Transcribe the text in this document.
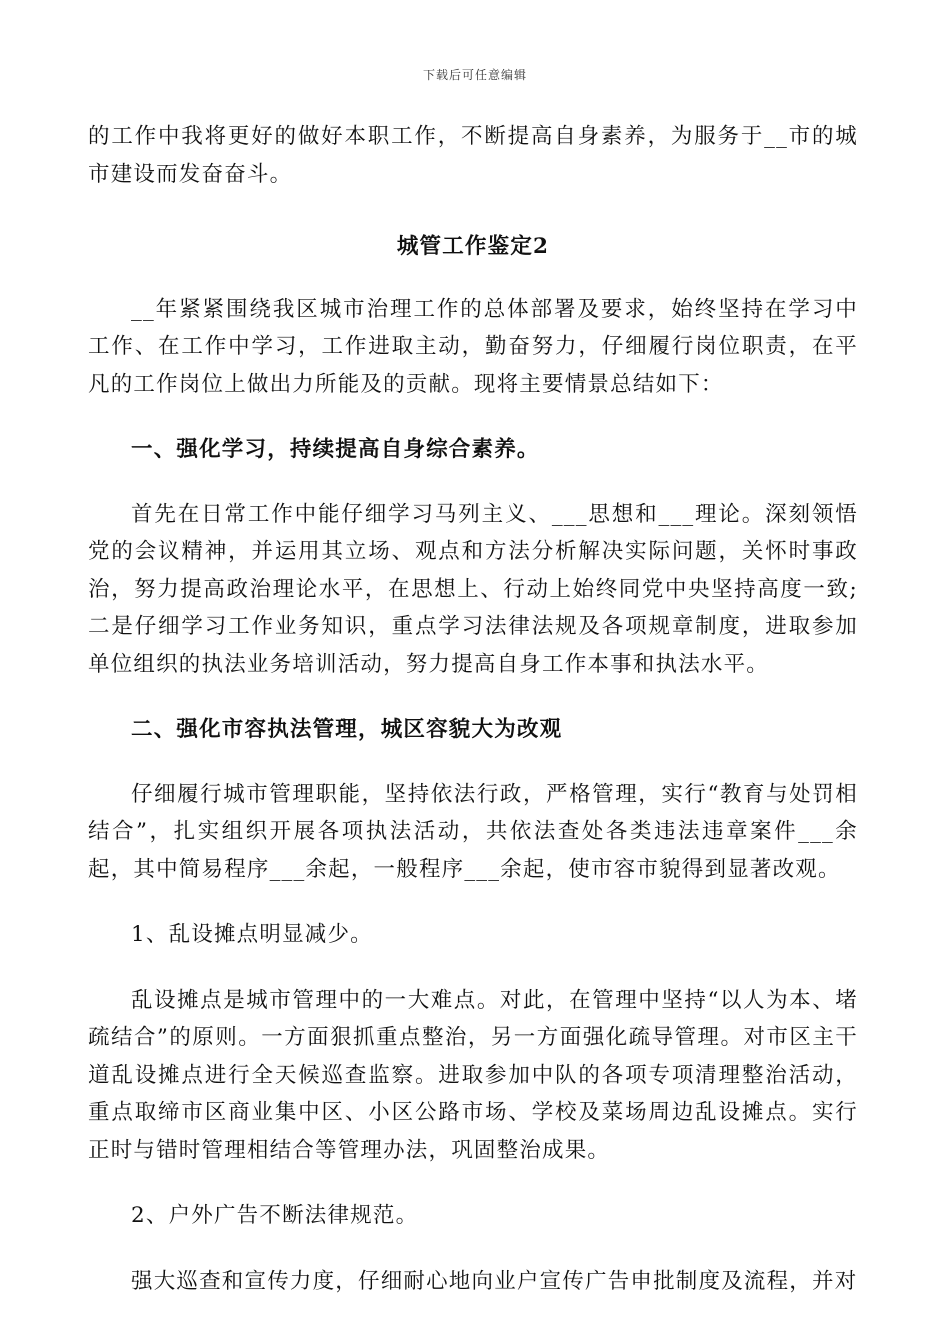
下载后可任意编辑

的工作中我将更好的做好本职工作，不断提高自身素养，为服务于__市的城市建设而发奋奋斗。

城管工作鉴定2

__年紧紧围绕我区城市治理工作的总体部署及要求，始终坚持在学习中工作、在工作中学习，工作进取主动，勤奋努力，仔细履行岗位职责，在平凡的工作岗位上做出力所能及的贡献。现将主要情景总结如下：

一、强化学习，持续提高自身综合素养。

首先在日常工作中能仔细学习马列主义、___思想和___理论。深刻领悟党的会议精神，并运用其立场、观点和方法分析解决实际问题，关怀时事政治，努力提高政治理论水平，在思想上、行动上始终同党中央坚持高度一致;二是仔细学习工作业务知识，重点学习法律法规及各项规章制度，进取参加单位组织的执法业务培训活动，努力提高自身工作本事和执法水平。

二、强化市容执法管理，城区容貌大为改观

仔细履行城市管理职能，坚持依法行政，严格管理，实行“教育与处罚相结合”，扎实组织开展各项执法活动，共依法查处各类违法违章案件___余起，其中简易程序___余起，一般程序___余起，使市容市貌得到显著改观。

1、乱设摊点明显减少。

乱设摊点是城市管理中的一大难点。对此，在管理中坚持“以人为本、堵疏结合”的原则。一方面狠抓重点整治，另一方面强化疏导管理。对市区主干道乱设摊点进行全天候巡查监察。进取参加中队的各项专项清理整治活动，重点取缔市区商业集中区、小区公路市场、学校及菜场周边乱设摊点。实行正时与错时管理相结合等管理办法，巩固整治成果。

2、户外广告不断法律规范。

强大巡查和宣传力度，仔细耐心地向业户宣传广告申批制度及流程，并对
